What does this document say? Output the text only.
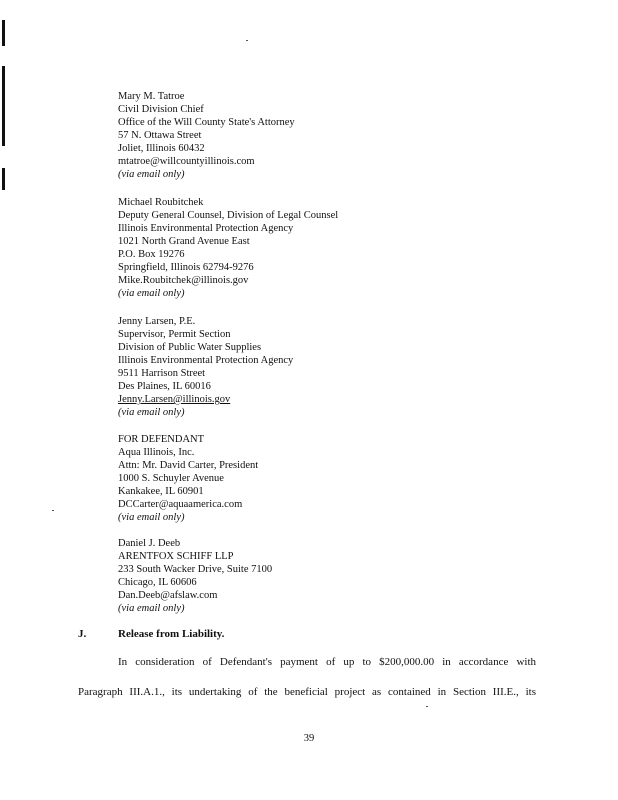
Mary M. Tatroe
Civil Division Chief
Office of the Will County State's Attorney
57 N. Ottawa Street
Joliet, Illinois 60432
mtatroe@willcountyillinois.com
(via email only)
Michael Roubitchek
Deputy General Counsel, Division of Legal Counsel
Illinois Environmental Protection Agency
1021 North Grand Avenue East
P.O. Box 19276
Springfield, Illinois 62794-9276
Mike.Roubitchek@illinois.gov
(via email only)
Jenny Larsen, P.E.
Supervisor, Permit Section
Division of Public Water Supplies
Illinois Environmental Protection Agency
9511 Harrison Street
Des Plaines, IL 60016
Jenny.Larsen@illinois.gov
(via email only)
FOR DEFENDANT
Aqua Illinois, Inc.
Attn: Mr. David Carter, President
1000 S. Schuyler Avenue
Kankakee, IL 60901
DCCarter@aquaamerica.com
(via email only)
Daniel J. Deeb
ARENTFOX SCHIFF LLP
233 South Wacker Drive, Suite 7100
Chicago, IL 60606
Dan.Deeb@afslaw.com
(via email only)
J.	Release from Liability.
In consideration of Defendant's payment of up to $200,000.00 in accordance with
Paragraph III.A.1., its undertaking of the beneficial project as contained in Section III.E., its
39
